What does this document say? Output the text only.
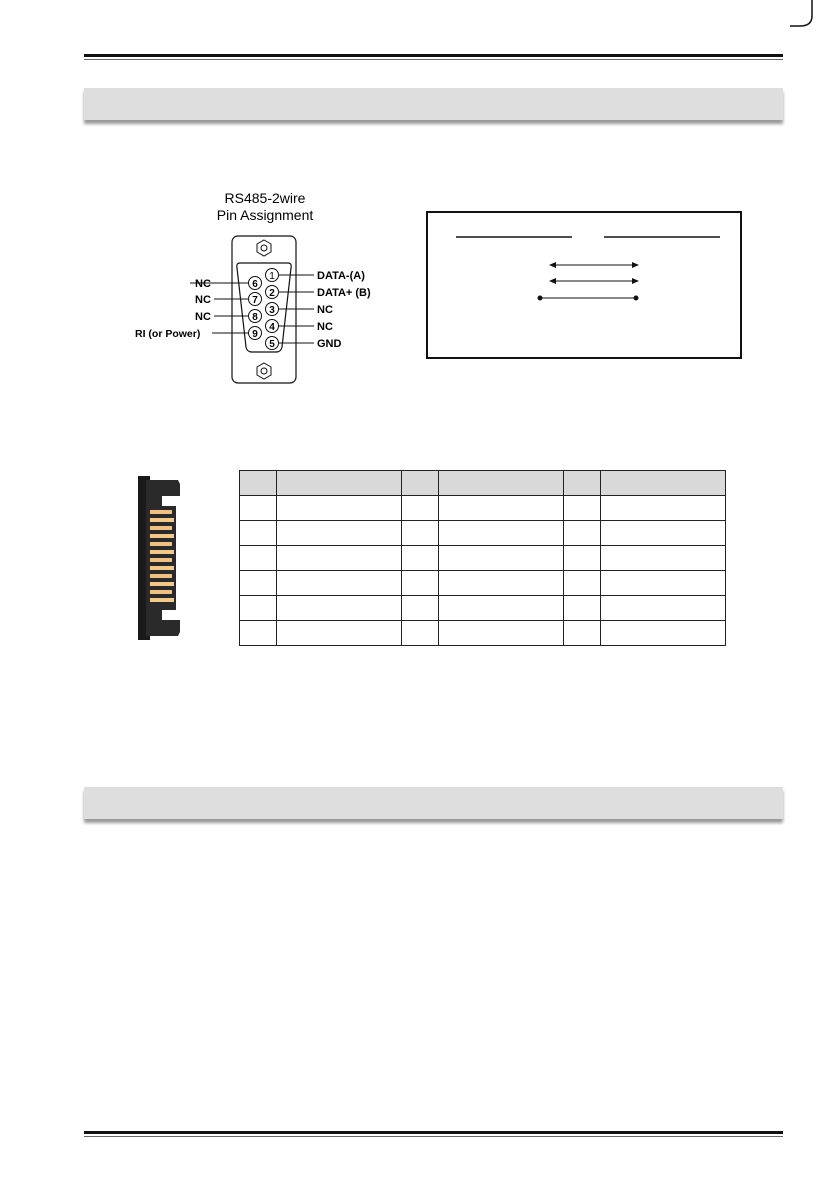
RS485-2wire
Pin Assignment
6
NC
7
NC
8
NC
9
RI (or Power)
1	DATA-(A)
2	DATA+ (B)
3	NC
4	NC
5	GND
